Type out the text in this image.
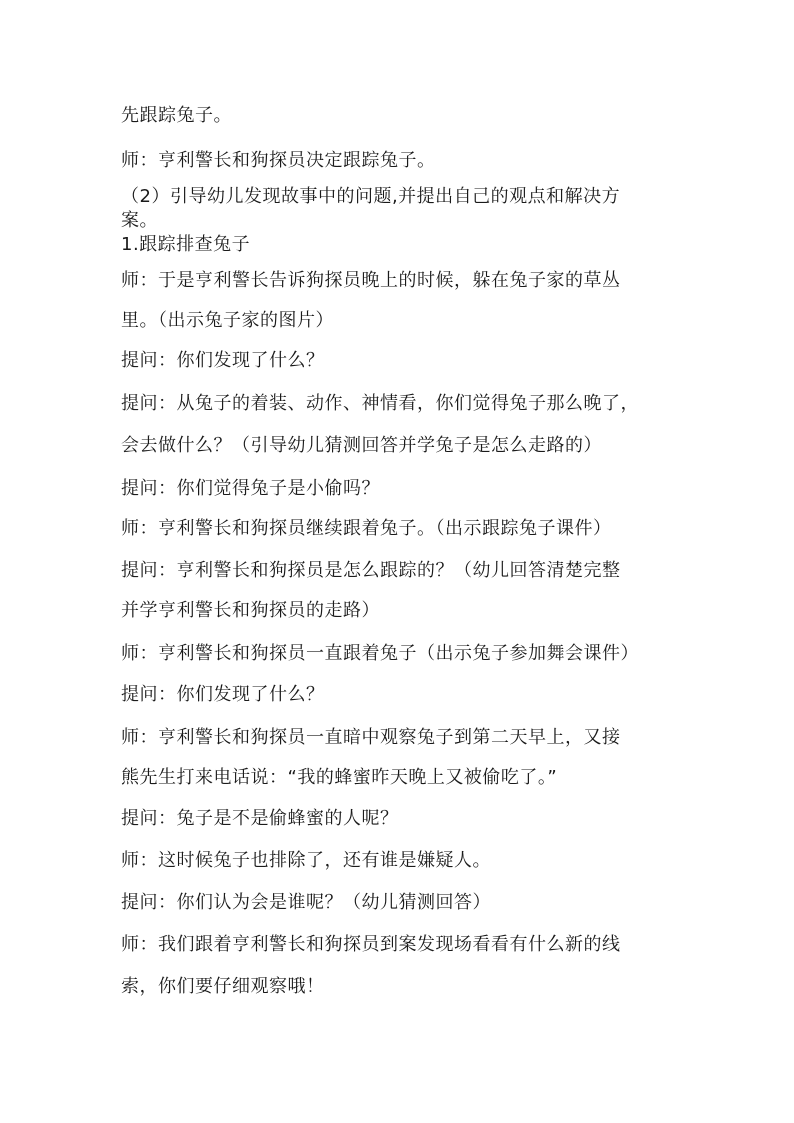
先跟踪兔子。
师：亨利警长和狗探员决定跟踪兔子。
（2）引导幼儿发现故事中的问题,并提出自己的观点和解决方
案。
1.跟踪排查兔子
师：于是亨利警长告诉狗探员晚上的时候，躲在兔子家的草丛
里。（出示兔子家的图片）
提问：你们发现了什么？
提问：从兔子的着装、动作、神情看，你们觉得兔子那么晚了，
会去做什么？（引导幼儿猜测回答并学兔子是怎么走路的）
提问：你们觉得兔子是小偷吗？
师：亨利警长和狗探员继续跟着兔子。（出示跟踪兔子课件）
提问：亨利警长和狗探员是怎么跟踪的？（幼儿回答清楚完整
并学亨利警长和狗探员的走路）
师：亨利警长和狗探员一直跟着兔子（出示兔子参加舞会课件）
提问：你们发现了什么？
师：亨利警长和狗探员一直暗中观察兔子到第二天早上，又接
熊先生打来电话说：“我的蜂蜜昨天晚上又被偷吃了。”
提问：兔子是不是偷蜂蜜的人呢？
师：这时候兔子也排除了，还有谁是嫌疑人。
提问：你们认为会是谁呢？（幼儿猜测回答）
师：我们跟着亨利警长和狗探员到案发现场看看有什么新的线
索，你们要仔细观察哦！
